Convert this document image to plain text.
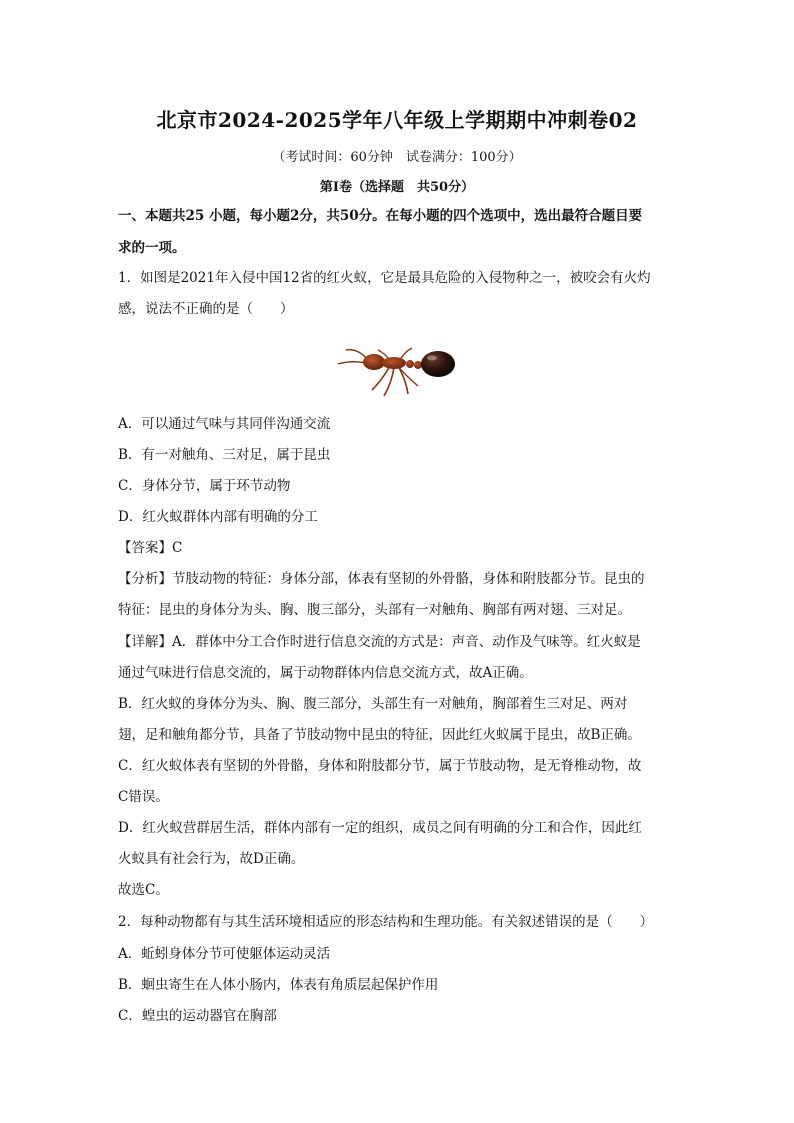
北京市2024-2025学年八年级上学期期中冲刺卷02
（考试时间：60分钟　试卷满分：100分）
第Ⅰ卷（选择题　共50分）
一、本题共25 小题，每小题2分，共50分。在每小题的四个选项中，选出最符合题目要
求的一项。
1．如图是2021年入侵中国12省的红火蚁，它是最具危险的入侵物种之一，被咬会有火灼
感，说法不正确的是（　　）
A．可以通过气味与其同伴沟通交流
B．有一对触角、三对足，属于昆虫
C．身体分节，属于环节动物
D．红火蚁群体内部有明确的分工
【答案】C
【分析】节肢动物的特征：身体分部，体表有坚韧的外骨骼，身体和附肢都分节。昆虫的
特征：昆虫的身体分为头、胸、腹三部分，头部有一对触角、胸部有两对翅、三对足。
【详解】A．群体中分工合作时进行信息交流的方式是：声音、动作及气味等。红火蚁是
通过气味进行信息交流的，属于动物群体内信息交流方式，故A正确。
B．红火蚁的身体分为头、胸、腹三部分，头部生有一对触角，胸部着生三对足、两对
翅，足和触角都分节，具备了节肢动物中昆虫的特征，因此红火蚁属于昆虫，故B正确。
C．红火蚁体表有坚韧的外骨骼，身体和附肢都分节，属于节肢动物，是无脊椎动物，故
C错误。
D．红火蚁营群居生活，群体内部有一定的组织，成员之间有明确的分工和合作，因此红
火蚁具有社会行为，故D正确。
故选C。
2．每种动物都有与其生活环境相适应的形态结构和生理功能。有关叙述错误的是（　　）
A．蚯蚓身体分节可使躯体运动灵活
B．蛔虫寄生在人体小肠内，体表有角质层起保护作用
C．蝗虫的运动器官在胸部
